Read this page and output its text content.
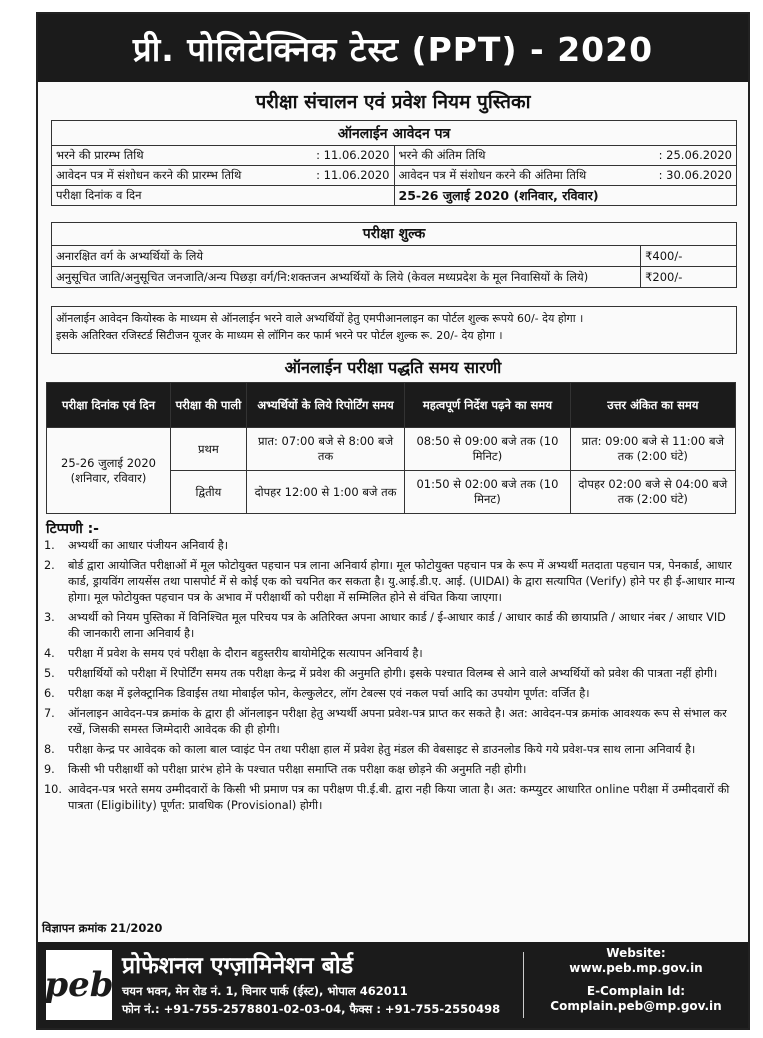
प्री. पोलिटेक्निक टेस्ट (PPT) - 2020
परीक्षा संचालन एवं प्रवेश नियम पुस्तिका
ऑनलाईन आवेदन पत्र	

भरने की प्रारम्भ तिथि : 11.06.2020	भरने की अंतिम तिथि : 25.06.2020

आवेदन पत्र में संशोधन करने की प्रारम्भ तिथि : 11.06.2020	आवेदन पत्र में संशोधन करने की अंतिमा तिथि : 30.06.2020

परीक्षा दिनांक व दिन	25-26 जुलाई 2020 (शनिवार, रविवार)
परीक्षा शुल्क
अनारक्षित वर्ग के अभ्यर्थियों के लिये	₹400/-
अनुसूचित जाति/अनुसूचित जनजाति/अन्य पिछड़ा वर्ग/नि:शक्तजन अभ्यर्थियों के लिये (केवल मध्यप्रदेश के मूल निवासियों के लिये)	₹200/-
ऑनलाईन आवेदन कियोस्क के माध्यम से ऑनलाईन भरने वाले अभ्यर्थियों हेतु एमपीआनलाइन का पोर्टल शुल्क रूपये 60/- देय होगा ।
इसके अतिरिक्त रजिस्टर्ड सिटीजन यूजर के माध्यम से लॉगिन कर फार्म भरने पर पोर्टल शुल्क रू. 20/- देय होगा ।
ऑनलाईन परीक्षा पद्धति समय सारणी
परीक्षा दिनांक एवं दिन	परीक्षा की पाली	अभ्यर्थियों के लिये रिपोर्टिंग समय	महत्वपूर्ण निर्देश पढ़ने का समय	उत्तर अंकित का समय
25-26 जुलाई 2020 (शनिवार, रविवार)	प्रथम	प्रात: 07:00 बजे से 8:00 बजे तक	08:50 से 09:00 बजे तक (10 मिनिट)	प्रात: 09:00 बजे से 11:00 बजे तक (2:00 घंटे)
	द्वितीय	दोपहर 12:00 से 1:00 बजे तक	01:50 से 02:00 बजे तक (10 मिनट)	दोपहर 02:00 बजे से 04:00 बजे तक (2:00 घंटे)
टिप्पणी :-
1.	अभ्यर्थी का आधार पंजीयन अनिवार्य है।
2.	बोर्ड द्वारा आयोजित परीक्षाओं में मूल फोटोयुक्त पहचान पत्र लाना अनिवार्य होगा। मूल फोटोयुक्त पहचान पत्र के रूप में अभ्यर्थी मतदाता पहचान पत्र, पेनकार्ड, आधार कार्ड, ड्रायविंग लायसेंस तथा पासपोर्ट में से कोई एक को चयनित कर सकता है। यु.आई.डी.ए. आई. (UIDAI) के द्वारा सत्यापित (Verify) होने पर ही ई-आधार मान्य होगा। मूल फोटोयुक्त पहचान पत्र के अभाव में परीक्षार्थी को परीक्षा में सम्मिलित होने से वंचित किया जाएगा।
3.	अभ्यर्थी को नियम पुस्तिका में विनिश्चित मूल परिचय पत्र के अतिरिक्त अपना आधार कार्ड / ई-आधार कार्ड / आधार कार्ड की छायाप्रति / आधार नंबर / आधार VID की जानकारी लाना अनिवार्य है।
4.	परीक्षा में प्रवेश के समय एवं परीक्षा के दौरान बहुस्तरीय बायोमेट्रिक सत्यापन अनिवार्य है।
5.	परीक्षार्थियों को परीक्षा में रिपोर्टिंग समय तक परीक्षा केन्द्र में प्रवेश की अनुमति होगी। इसके पश्चात विलम्ब से आने वाले अभ्यर्थियों को प्रवेश की पात्रता नहीं होगी।
6.	परीक्षा कक्ष में इलेक्ट्रानिक डिवाईस तथा मोबाईल फोन, केल्कुलेटर, लॉग टेबल्स एवं नकल पर्चा आदि का उपयोग पूर्णत: वर्जित है।
7.	ऑनलाइन आवेदन-पत्र क्रमांक के द्वारा ही ऑनलाइन परीक्षा हेतु अभ्यर्थी अपना प्रवेश-पत्र प्राप्त कर सकते है। अत: आवेदन-पत्र क्रमांक आवश्यक रूप से संभाल कर रखें, जिसकी समस्त जिम्मेदारी आवेदक की ही होगी।
8.	परीक्षा केन्द्र पर आवेदक को काला बाल प्वाइंट पेन तथा परीक्षा हाल में प्रवेश हेतु मंडल की वेबसाइट से डाउनलोड किये गये प्रवेश-पत्र साथ लाना अनिवार्य है।
9.	किसी भी परीक्षार्थी को परीक्षा प्रारंभ होने के पश्चात परीक्षा समाप्ति तक परीक्षा कक्ष छोड़ने की अनुमति नही होगी।
10. आवेदन-पत्र भरते समय उम्मीदवारों के किसी भी प्रमाण पत्र का परीक्षण पी.ई.बी. द्वारा नही किया जाता है। अत: कम्प्युटर आधारित online परीक्षा में उम्मीदवारों की पात्रता (Eligibility) पूर्णत: प्रावधिक (Provisional) होगी।
विज्ञापन क्रमांक 21/2020
peb प्रोफेशनल एग्ज़ामिनेशन बोर्ड
चयन भवन, मेन रोड नं. 1, चिनार पार्क (ईस्ट), भोपाल 462011
फोन नं.: +91-755-2578801-02-03-04, फैक्स : +91-755-2550498
Website:
www.peb.mp.gov.in
E-Complain Id:
Complain.peb@mp.gov.in
